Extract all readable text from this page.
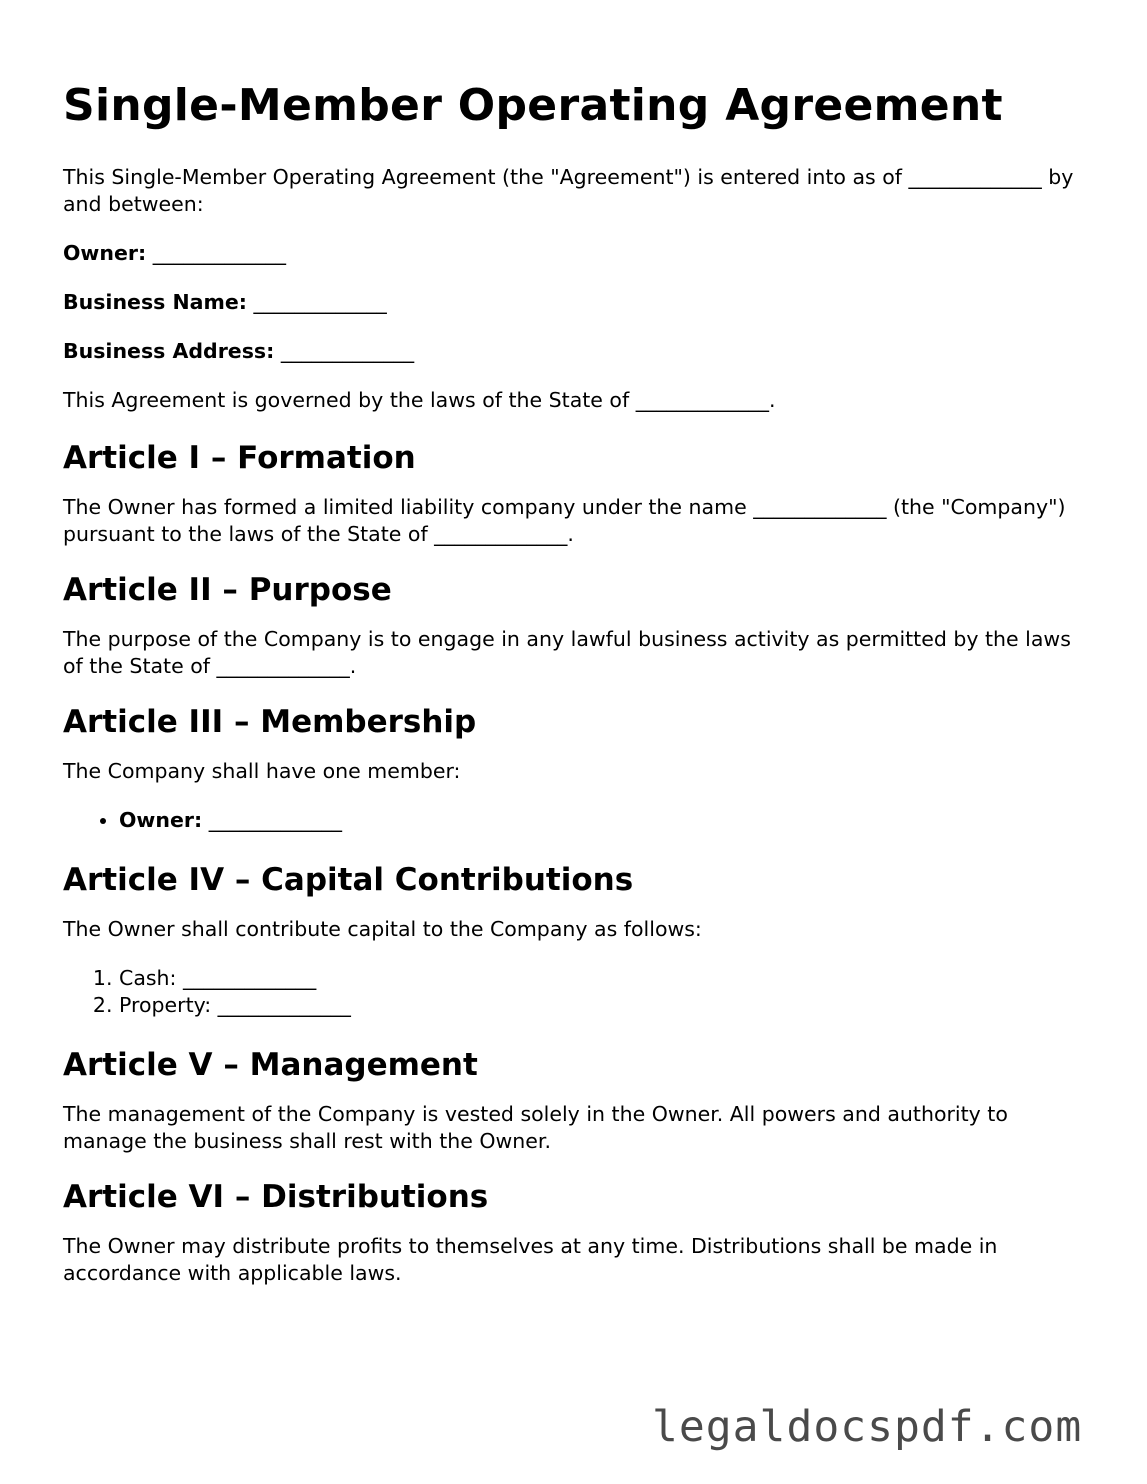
Single-Member Operating Agreement

This Single-Member Operating Agreement (the "Agreement") is entered into as of _____________ by and between:

Owner: _____________

Business Name: _____________

Business Address: _____________

This Agreement is governed by the laws of the State of _____________.

Article I – Formation

The Owner has formed a limited liability company under the name _____________ (the "Company") pursuant to the laws of the State of _____________.

Article II – Purpose

The purpose of the Company is to engage in any lawful business activity as permitted by the laws of the State of _____________.

Article III – Membership

The Company shall have one member:

• Owner: _____________
Article IV – Capital Contributions

The Owner shall contribute capital to the Company as follows:

1. Cash: _____________
2. Property: _____________
Article V – Management

The management of the Company is vested solely in the Owner. All powers and authority to manage the business shall rest with the Owner.

Article VI – Distributions

The Owner may distribute profits to themselves at any time. Distributions shall be made in accordance with applicable laws.

legaldocspdf.com
